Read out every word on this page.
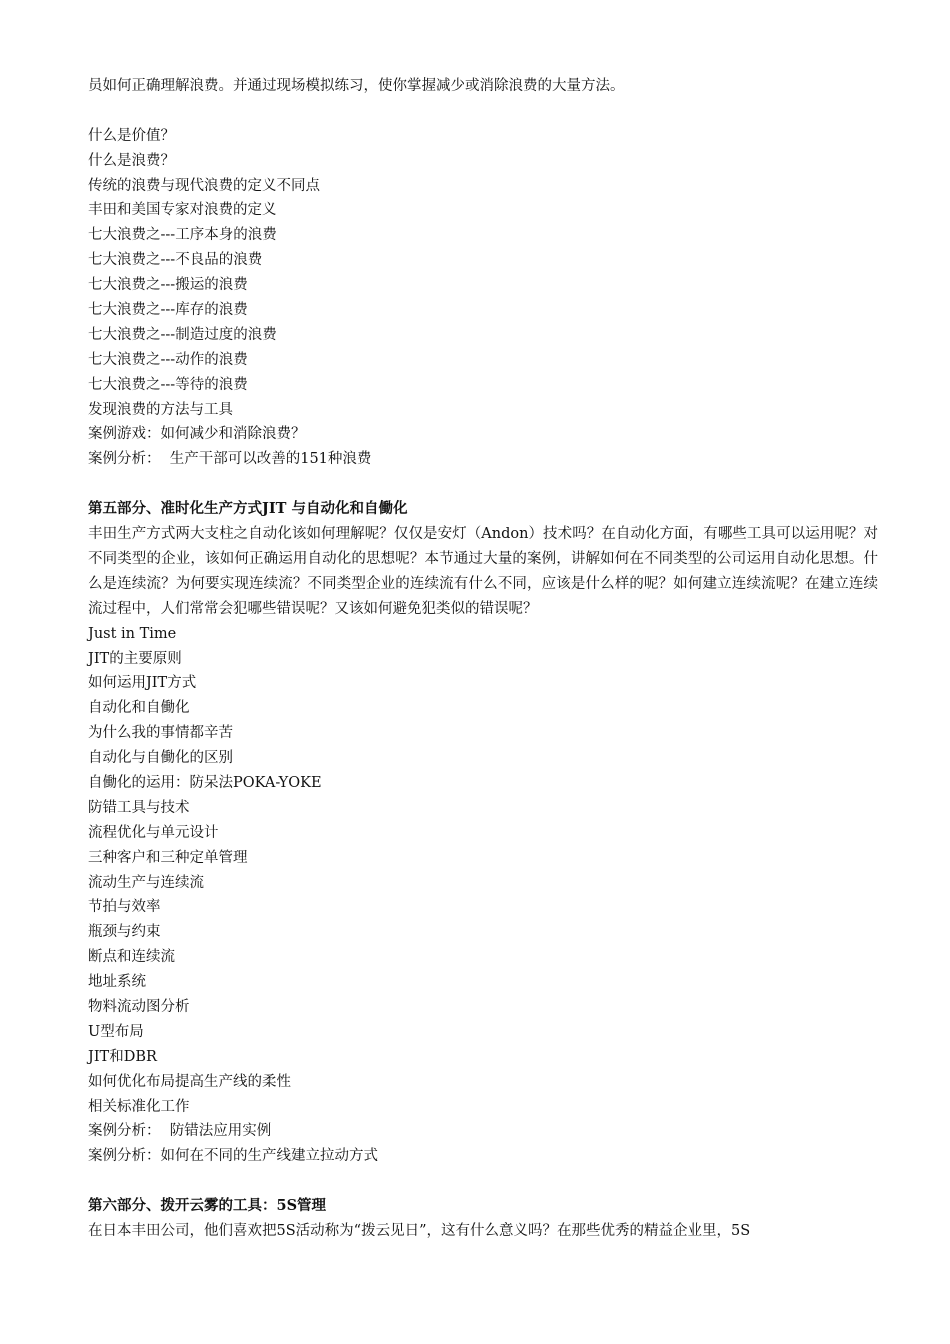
员如何正确理解浪费。并通过现场模拟练习，使你掌握减少或消除浪费的大量方法。
什么是价值？
什么是浪费？
传统的浪费与现代浪费的定义不同点
丰田和美国专家对浪费的定义
七大浪费之---工序本身的浪费
七大浪费之---不良品的浪费
七大浪费之---搬运的浪费
七大浪费之---库存的浪费
七大浪费之---制造过度的浪费
七大浪费之---动作的浪费
七大浪费之---等待的浪费
发现浪费的方法与工具
案例游戏：如何减少和消除浪费？
案例分析：  生产干部可以改善的151种浪费
第五部分、准时化生产方式JIT 与自动化和自働化
丰田生产方式两大支柱之自动化该如何理解呢？仅仅是安灯（Andon）技术吗？在自动化方面，有哪些工具可以运用呢？对不同类型的企业，该如何正确运用自动化的思想呢？本节通过大量的案例，讲解如何在不同类型的公司运用自动化思想。什么是连续流？为何要实现连续流？不同类型企业的连续流有什么不同，应该是什么样的呢？如何建立连续流呢？在建立连续流过程中，人们常常会犯哪些错误呢？又该如何避免犯类似的错误呢？
Just in Time
JIT的主要原则
如何运用JIT方式
自动化和自働化
为什么我的事情都辛苦
自动化与自働化的区别
自働化的运用：防呆法POKA-YOKE
防错工具与技术
流程优化与单元设计
三种客户和三种定单管理
流动生产与连续流
节拍与效率
瓶颈与约束
断点和连续流
地址系统
物料流动图分析
U型布局
JIT和DBR
如何优化布局提高生产线的柔性
相关标准化工作
案例分析：  防错法应用实例
案例分析：如何在不同的生产线建立拉动方式
第六部分、拨开云雾的工具：5S管理
在日本丰田公司，他们喜欢把5S活动称为“拨云见日”，这有什么意义吗？在那些优秀的精益企业里，5S
